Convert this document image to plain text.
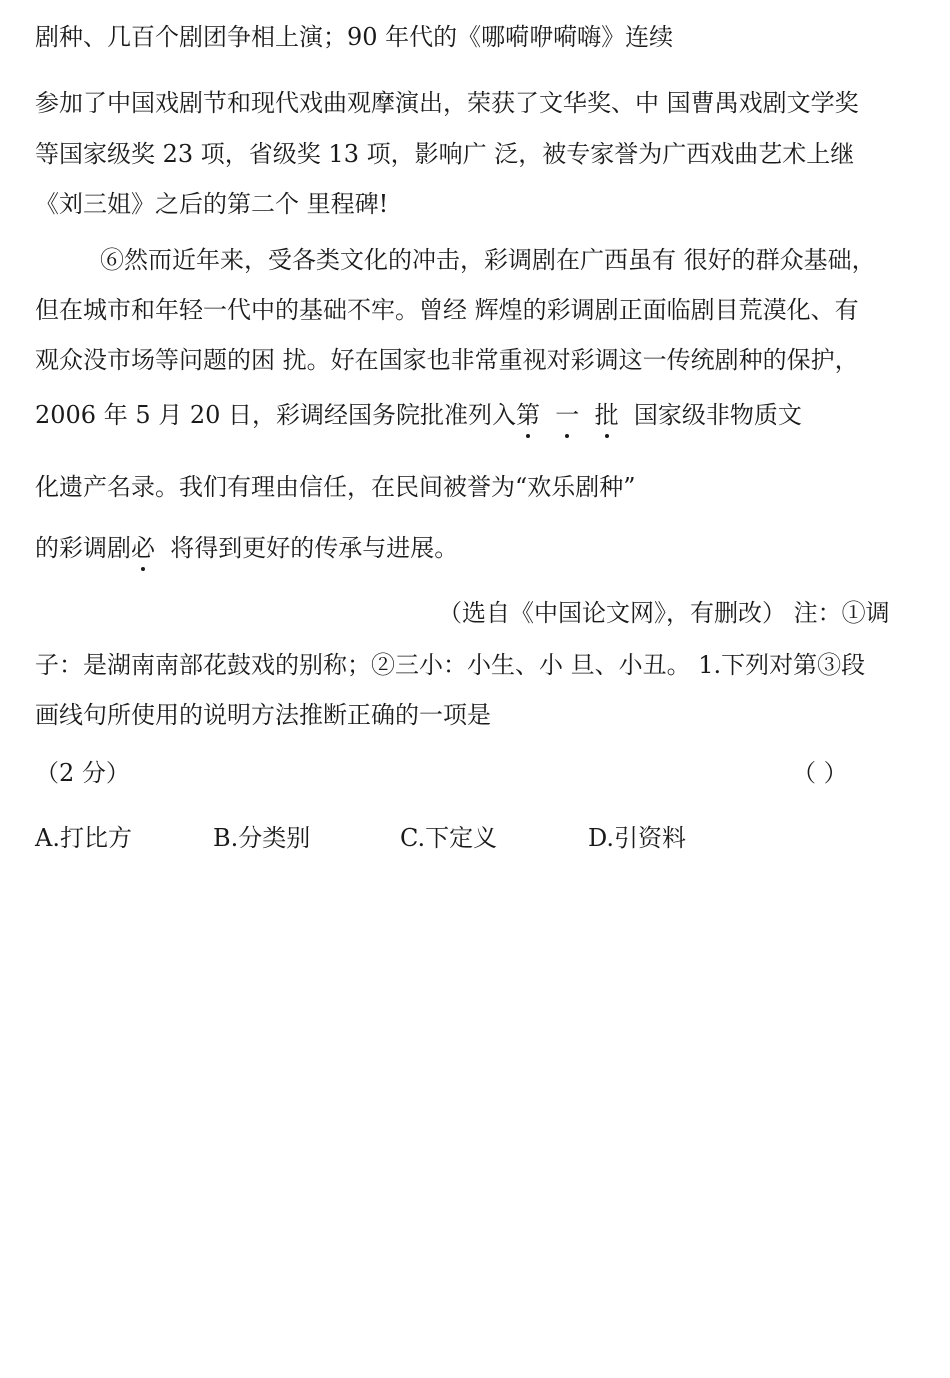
剧种、几百个剧团争相上演；90 年代的《哪嗬咿嗬嗨》连续
参加了中国戏剧节和现代戏曲观摩演出，荣获了文华奖、中 国曹禺戏剧文学奖
等国家级奖 23 项，省级奖 13 项，影响广 泛，被专家誉为广西戏曲艺术上继
《刘三姐》之后的第二个 里程碑!
⑥然而近年来，受各类文化的冲击，彩调剧在广西虽有 很好的群众基础，
但在城市和年轻一代中的基础不牢。曾经 辉煌的彩调剧正面临剧目荒漠化、有
观众没市场等问题的困 扰。好在国家也非常重视对彩调这一传统剧种的保护，
2006 年 5 月 20 日，彩调经国务院批准列入第 一 批 国家级非物质文
化遗产名录。我们有理由信任，在民间被誉为“欢乐剧种”
的彩调剧必 将得到更好的传承与进展。
（选自《中国论文网》，有删改） 注：①调
子：是湖南南部花鼓戏的别称；②三小：小生、小 旦、小丑。 1.下列对第③段
画线句所使用的说明方法推断正确的一项是
（2 分）	（ ）
A.打比方	B.分类别	C.下定义	D.引资料
